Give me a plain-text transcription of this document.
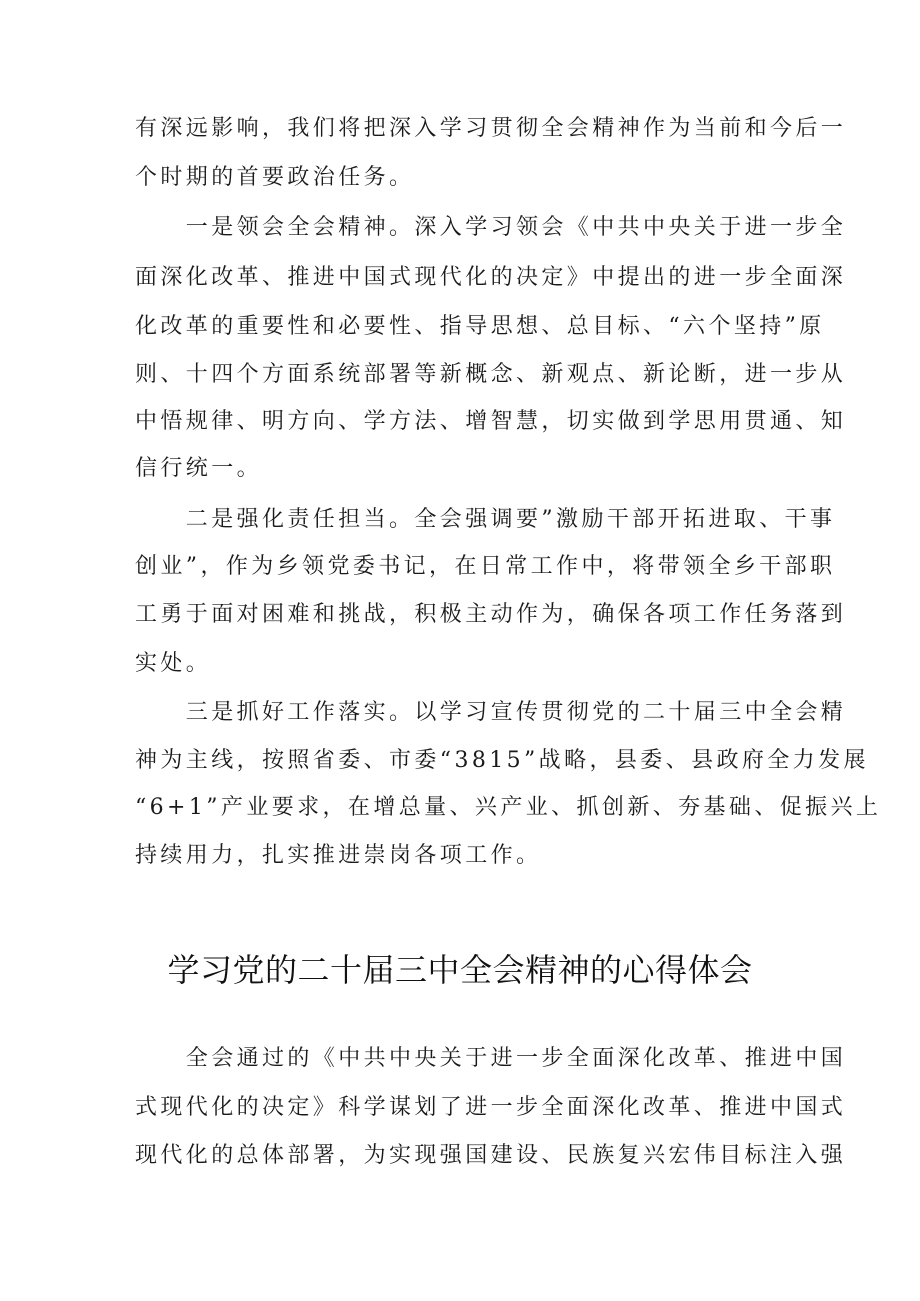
有深远影响，我们将把深入学习贯彻全会精神作为当前和今后一
个时期的首要政治任务。
　　一是领会全会精神。深入学习领会《中共中央关于进一步全
面深化改革、推进中国式现代化的决定》中提出的进一步全面深
化改革的重要性和必要性、指导思想、总目标、“六个坚持”原
则、十四个方面系统部署等新概念、新观点、新论断，进一步从
中悟规律、明方向、学方法、增智慧，切实做到学思用贯通、知
信行统一。
　　二是强化责任担当。全会强调要”激励干部开拓进取、干事
创业”，作为乡领党委书记，在日常工作中，将带领全乡干部职
工勇于面对困难和挑战，积极主动作为，确保各项工作任务落到
实处。
　　三是抓好工作落实。以学习宣传贯彻党的二十届三中全会精
神为主线，按照省委、市委“3815”战略，县委、县政府全力发展
“6+1”产业要求，在增总量、兴产业、抓创新、夯基础、促振兴上
持续用力，扎实推进崇岗各项工作。
学习党的二十届三中全会精神的心得体会
　　全会通过的《中共中央关于进一步全面深化改革、推进中国
式现代化的决定》科学谋划了进一步全面深化改革、推进中国式
现代化的总体部署，为实现强国建设、民族复兴宏伟目标注入强
